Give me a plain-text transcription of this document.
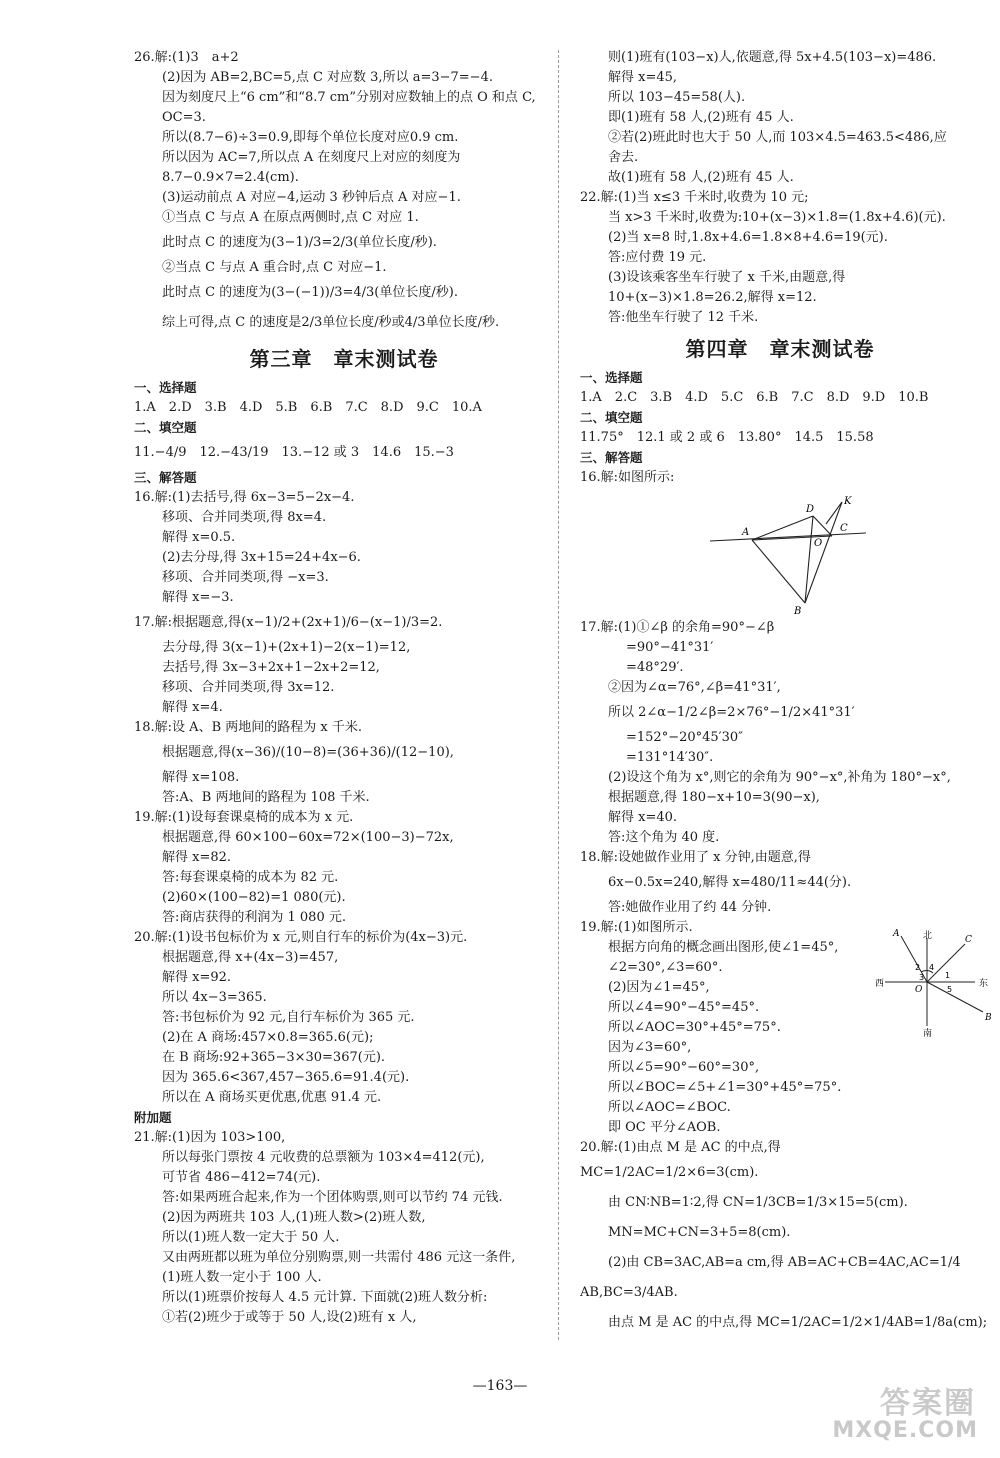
26.解:(1)3　a+2
(2)因为 AB=2,BC=5,点 C 对应数 3,所以 a=3−7=−4.
因为刻度尺上“6 cm”和“8.7 cm”分别对应数轴上的点 O 和点 C,
OC=3.
所以(8.7−6)÷3=0.9,即每个单位长度对应0.9 cm.
所以因为 AC=7,所以点 A 在刻度尺上对应的刻度为
8.7−0.9×7=2.4(cm).
(3)运动前点 A 对应−4,运动 3 秒钟后点 A 对应−1.
①当点 C 与点 A 在原点两侧时,点 C 对应 1.
此时点 C 的速度为(3−1)/3=2/3(单位长度/秒).
②当点 C 与点 A 重合时,点 C 对应−1.
此时点 C 的速度为(3−(−1))/3=4/3(单位长度/秒).
综上可得,点 C 的速度是2/3单位长度/秒或4/3单位长度/秒.
第三章　章末测试卷
一、选择题
1.A　2.D　3.B　4.D　5.B　6.B　7.C　8.D　9.C　10.A
二、填空题
11.−4/9　12.−43/19　13.−12 或 3　14.6　15.−3
三、解答题
16.解:(1)去括号,得 6x−3=5−2x−4.
移项、合并同类项,得 8x=4.
解得 x=0.5.
(2)去分母,得 3x+15=24+4x−6.
移项、合并同类项,得 −x=3.
解得 x=−3.
17.解:根据题意,得(x−1)/2+(2x+1)/6−(x−1)/3=2.
去分母,得 3(x−1)+(2x+1)−2(x−1)=12,
去括号,得 3x−3+2x+1−2x+2=12,
移项、合并同类项,得 3x=12.
解得 x=4.
18.解:设 A、B 两地间的路程为 x 千米.
根据题意,得(x−36)/(10−8)=(36+36)/(12−10),
解得 x=108.
答:A、B 两地间的路程为 108 千米.
19.解:(1)设每套课桌椅的成本为 x 元.
根据题意,得 60×100−60x=72×(100−3)−72x,
解得 x=82.
答:每套课桌椅的成本为 82 元.
(2)60×(100−82)=1 080(元).
答:商店获得的利润为 1 080 元.
20.解:(1)设书包标价为 x 元,则自行车的标价为(4x−3)元.
根据题意,得 x+(4x−3)=457,
解得 x=92.
所以 4x−3=365.
答:书包标价为 92 元,自行车标价为 365 元.
(2)在 A 商场:457×0.8=365.6(元);
在 B 商场:92+365−3×30=367(元).
因为 365.6<367,457−365.6=91.4(元).
所以在 A 商场买更优惠,优惠 91.4 元.
附加题
21.解:(1)因为 103>100,
所以每张门票按 4 元收费的总票额为 103×4=412(元),
可节省 486−412=74(元).
答:如果两班合起来,作为一个团体购票,则可以节约 74 元钱.
(2)因为两班共 103 人,(1)班人数>(2)班人数,
所以(1)班人数一定大于 50 人.
又由两班都以班为单位分别购票,则一共需付 486 元这一条件,
(1)班人数一定小于 100 人.
所以(1)班票价按每人 4.5 元计算. 下面就(2)班人数分析:
①若(2)班少于或等于 50 人,设(2)班有 x 人,
则(1)班有(103−x)人,依题意,得 5x+4.5(103−x)=486.
解得 x=45,
所以 103−45=58(人).
即(1)班有 58 人,(2)班有 45 人.
②若(2)班此时也大于 50 人,而 103×4.5=463.5<486,应
舍去.
故(1)班有 58 人,(2)班有 45 人.
22.解:(1)当 x≤3 千米时,收费为 10 元;
当 x>3 千米时,收费为:10+(x−3)×1.8=(1.8x+4.6)(元).
(2)当 x=8 时,1.8x+4.6=1.8×8+4.6=19(元).
答:应付费 19 元.
(3)设该乘客坐车行驶了 x 千米,由题意,得
10+(x−3)×1.8=26.2,解得 x=12.
答:他坐车行驶了 12 千米.
第四章　章末测试卷
一、选择题
1.A　2.C　3.B　4.D　5.C　6.B　7.C　8.D　9.D　10.B
二、填空题
11.75°　12.1 或 2 或 6　13.80°　14.5　15.58
三、解答题
16.解:如图所示:
A
D
K
C
O
B
17.解:(1)①∠β 的余角=90°−∠β
=90°−41°31′
=48°29′.
②因为∠α=76°,∠β=41°31′,
所以 2∠α−1/2∠β=2×76°−1/2×41°31′
=152°−20°45′30″
=131°14′30″.
(2)设这个角为 x°,则它的余角为 90°−x°,补角为 180°−x°,
根据题意,得 180−x+10=3(90−x),
解得 x=40.
答:这个角为 40 度.
18.解:设她做作业用了 x 分钟,由题意,得
6x−0.5x=240,解得 x=480/11≈44(分).
答:她做作业用了约 44 分钟.
19.解:(1)如图所示.
根据方向角的概念画出图形,使∠1=45°,
∠2=30°,∠3=60°.
(2)因为∠1=45°,
所以∠4=90°−45°=45°.
所以∠AOC=30°+45°=75°.
因为∠3=60°,
所以∠5=90°−60°=30°,
所以∠BOC=∠5+∠1=30°+45°=75°.
所以∠AOC=∠BOC.
即 OC 平分∠AOB.
20.解:(1)由点 M 是 AC 的中点,得
MC=1/2AC=1/2×6=3(cm).
由 CN∶NB=1∶2,得 CN=1/3CB=1/3×15=5(cm).
MN=MC+CN=3+5=8(cm).
(2)由 CB=3AC,AB=a cm,得 AB=AC+CB=4AC,AC=1/4
AB,BC=3/4AB.
由点 M 是 AC 的中点,得 MC=1/2AC=1/2×1/4AB=1/8a(cm);
北
南
西	东
A
C
B
O
2 4
1
3
5
—163—	答案圈
MXQE.COM
